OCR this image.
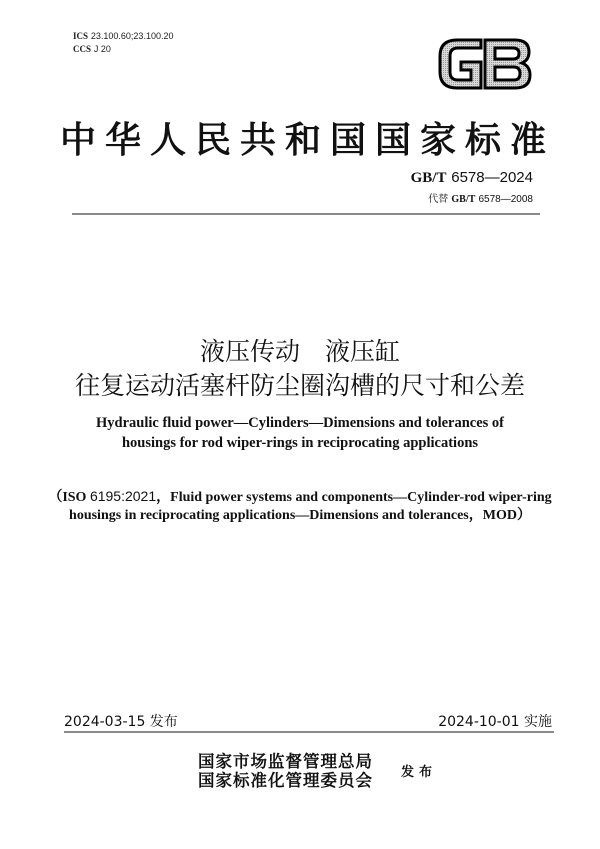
ICS 23.100.60;23.100.20
CCS J 20
中华人民共和国国家标准
GB/T 6578—2024
代替 GB/T 6578—2008
液压传动　液压缸
往复运动活塞杆防尘圈沟槽的尺寸和公差
Hydraulic fluid power—Cylinders—Dimensions and tolerances of
housings for rod wiper-rings in reciprocating applications
（ISO 6195:2021，Fluid power systems and components—Cylinder-rod wiper-ring
housings in reciprocating applications—Dimensions and tolerances，MOD）
2024-03-15 发布	2024-10-01 实施
国家市场监督管理总局
国家标准化管理委员会 发布
